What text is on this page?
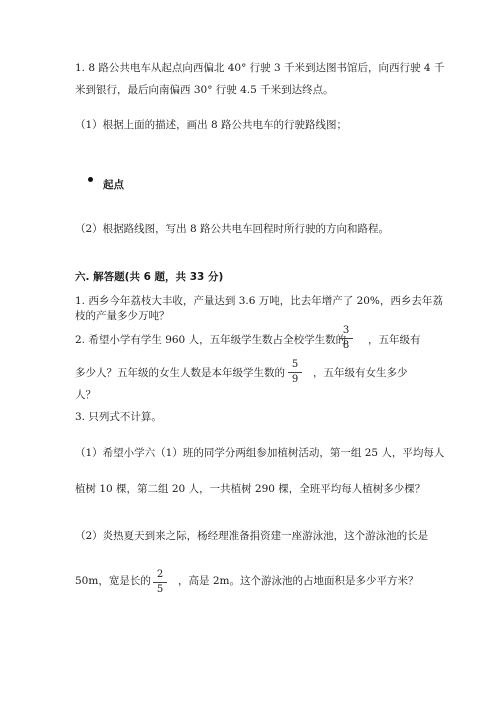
1. 8 路公共电车从起点向西偏北 40° 行驶 3 千米到达图书馆后，向西行驶 4 千
米到银行，最后向南偏西 30° 行驶 4.5 千米到达终点。
（1）根据上面的描述，画出 8 路公共电车的行驶路线图；
起点
（2）根据路线图，写出 8 路公共电车回程时所行驶的方向和路程。
六. 解答题(共 6 题，共 33 分)
1. 西乡今年荔枝大丰收，产量达到 3.6 万吨，比去年增产了 20%，西乡去年荔
枝的产量多少万吨？
2. 希望小学有学生 960 人，五年级学生数占全校学生数的
3
8	，五年级有
多少人？五年级的女生人数是本年级学生数的
5
9
，五年级有女生多少
人？
3. 只列式不计算。
（1）希望小学六（1）班的同学分两组参加植树活动，第一组 25 人，平均每人
植树 10 棵，第二组 20 人，一共植树 290 棵，全班平均每人植树多少棵？
（2）炎热夏天到来之际，杨经理准备捐资建一座游泳池，这个游泳池的长是
50m，宽是长的
2
5
，高是 2m。这个游泳池的占地面积是多少平方米？
